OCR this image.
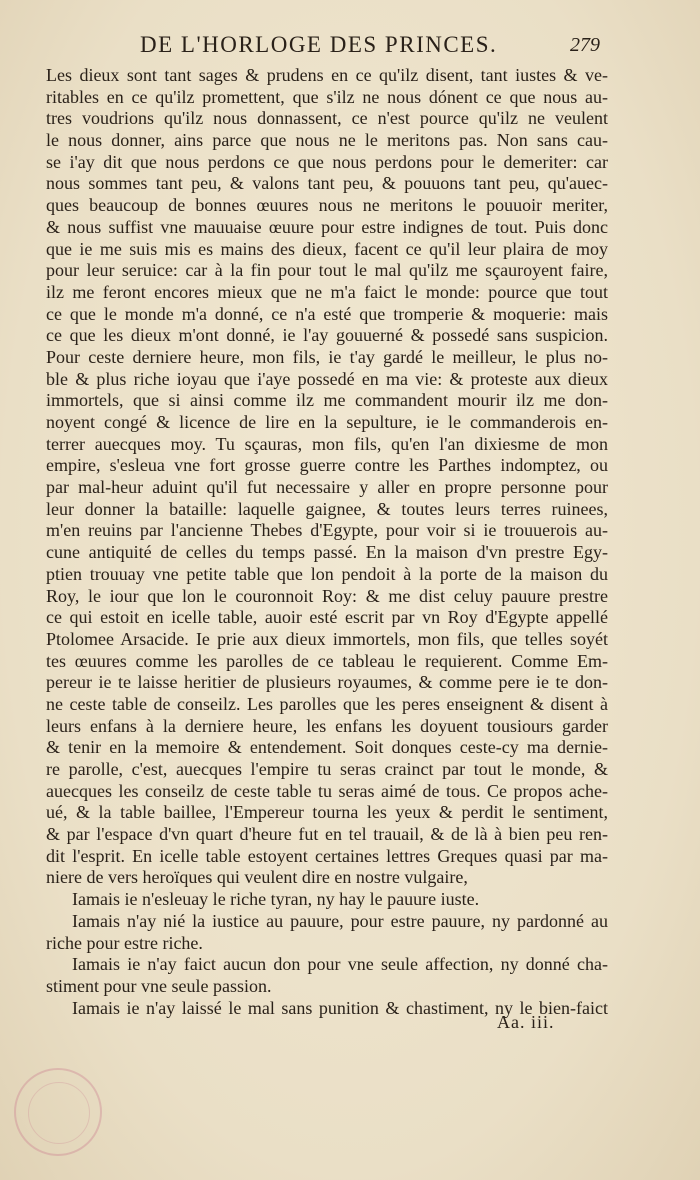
DE L'HORLOGE DES PRINCES.	279
Les dieux sont tant sages & prudens en ce qu'ilz disent, tant iustes & ve-
ritables en ce qu'ilz promettent, que s'ilz ne nous dónent ce que nous au-
tres voudrions qu'ilz nous donnassent, ce n'est pource qu'ilz ne veulent
le nous donner, ains parce que nous ne le meritons pas. Non sans cau-
se i'ay dit que nous perdons ce que nous perdons pour le demeriter: car
nous sommes tant peu, & valons tant peu, & pouuons tant peu, qu'auec-
ques beaucoup de bonnes œuures nous ne meritons le pouuoir meriter,
& nous suffist vne mauuaise œuure pour estre indignes de tout. Puis donc
que ie me suis mis es mains des dieux, facent ce qu'il leur plaira de moy
pour leur seruice: car à la fin pour tout le mal qu'ilz me sçauroyent faire,
ilz me feront encores mieux que ne m'a faict le monde: pource que tout
ce que le monde m'a donné, ce n'a esté que tromperie & moquerie: mais
ce que les dieux m'ont donné, ie l'ay gouuerné & possedé sans suspicion.
Pour ceste derniere heure, mon fils, ie t'ay gardé le meilleur, le plus no-
ble & plus riche ioyau que i'aye possedé en ma vie: & proteste aux dieux
immortels, que si ainsi comme ilz me commandent mourir ilz me don-
noyent congé & licence de lire en la sepulture, ie le commanderois en-
terrer auecques moy. Tu sçauras, mon fils, qu'en l'an dixiesme de mon
empire, s'esleua vne fort grosse guerre contre les Parthes indomptez, ou
par mal-heur aduint qu'il fut necessaire y aller en propre personne pour
leur donner la bataille: laquelle gaignee, & toutes leurs terres ruinees,
m'en reuins par l'ancienne Thebes d'Egypte, pour voir si ie trouuerois au-
cune antiquité de celles du temps passé. En la maison d'vn prestre Egy-
ptien trouuay vne petite table que lon pendoit à la porte de la maison du
Roy, le iour que lon le couronnoit Roy: & me dist celuy pauure prestre
ce qui estoit en icelle table, auoir esté escrit par vn Roy d'Egypte appellé
Ptolomee Arsacide. Ie prie aux dieux immortels, mon fils, que telles soyét
tes œuures comme les parolles de ce tableau le requierent. Comme Em-
pereur ie te laisse heritier de plusieurs royaumes, & comme pere ie te don-
ne ceste table de conseilz. Les parolles que les peres enseignent & disent à
leurs enfans à la derniere heure, les enfans les doyuent tousiours garder
& tenir en la memoire & entendement. Soit donques ceste-cy ma dernie-
re parolle, c'est, auecques l'empire tu seras crainct par tout le monde, &
auecques les conseilz de ceste table tu seras aimé de tous. Ce propos ache-
ué, & la table baillee, l'Empereur tourna les yeux & perdit le sentiment,
& par l'espace d'vn quart d'heure fut en tel trauail, & de là à bien peu ren-
dit l'esprit. En icelle table estoyent certaines lettres Greques quasi par ma-
niere de vers heroïques qui veulent dire en nostre vulgaire,
Iamais ie n'esleuay le riche tyran, ny hay le pauure iuste.
Iamais n'ay nié la iustice au pauure, pour estre pauure, ny pardonné au
riche pour estre riche.
Iamais ie n'ay faict aucun don pour vne seule affection, ny donné cha-
stiment pour vne seule passion.
Iamais ie n'ay laissé le mal sans punition & chastiment, ny le bien-faict
Aa. iii.
